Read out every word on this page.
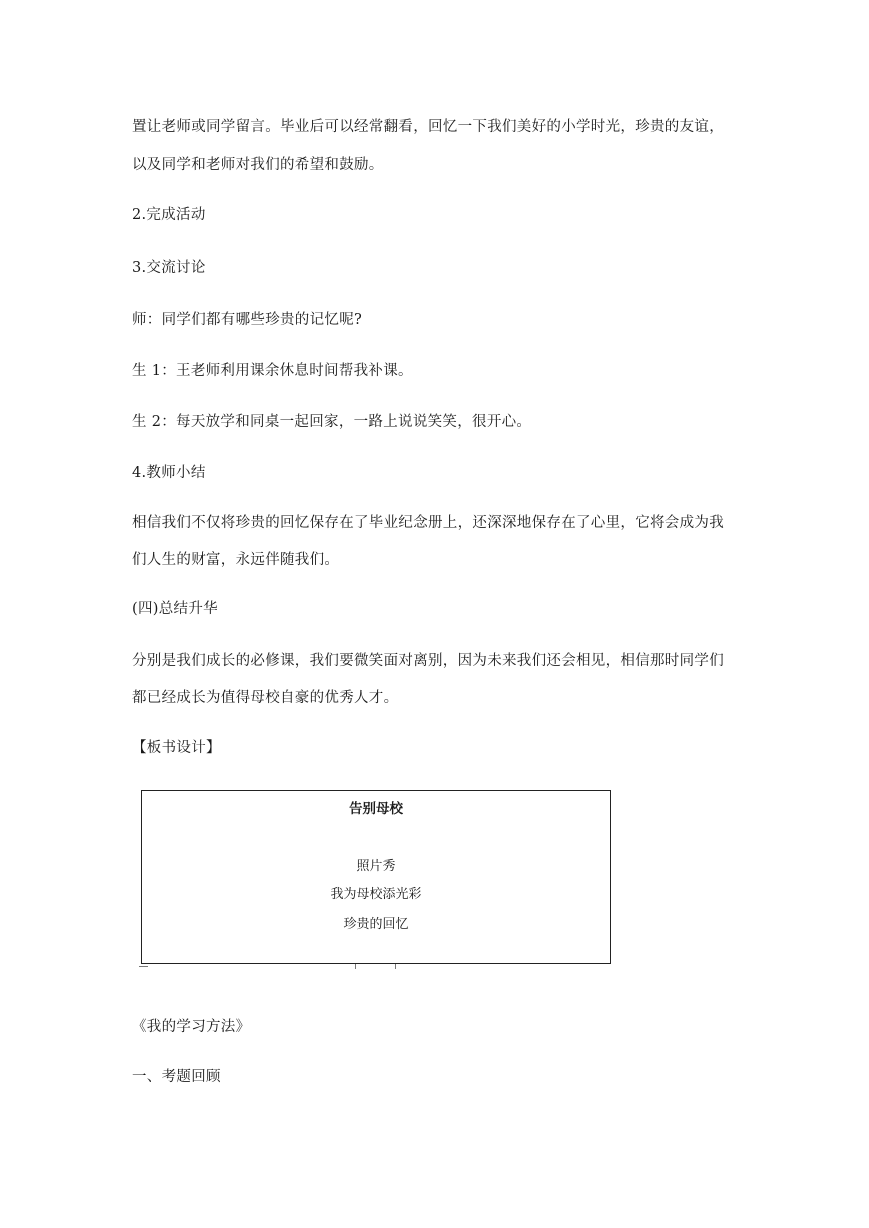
置让老师或同学留言。毕业后可以经常翻看，回忆一下我们美好的小学时光，珍贵的友谊，

以及同学和老师对我们的希望和鼓励。

2.完成活动

3.交流讨论

师：同学们都有哪些珍贵的记忆呢?

生 1：王老师利用课余休息时间帮我补课。

生 2：每天放学和同桌一起回家，一路上说说笑笑，很开心。

4.教师小结

相信我们不仅将珍贵的回忆保存在了毕业纪念册上，还深深地保存在了心里，它将会成为我

们人生的财富，永远伴随我们。

(四)总结升华

分别是我们成长的必修课，我们要微笑面对离别，因为未来我们还会相见，相信那时同学们

都已经成长为值得母校自豪的优秀人才。

【板书设计】

告别母校
照片秀
我为母校添光彩
珍贵的回忆

《我的学习方法》

一、考题回顾
